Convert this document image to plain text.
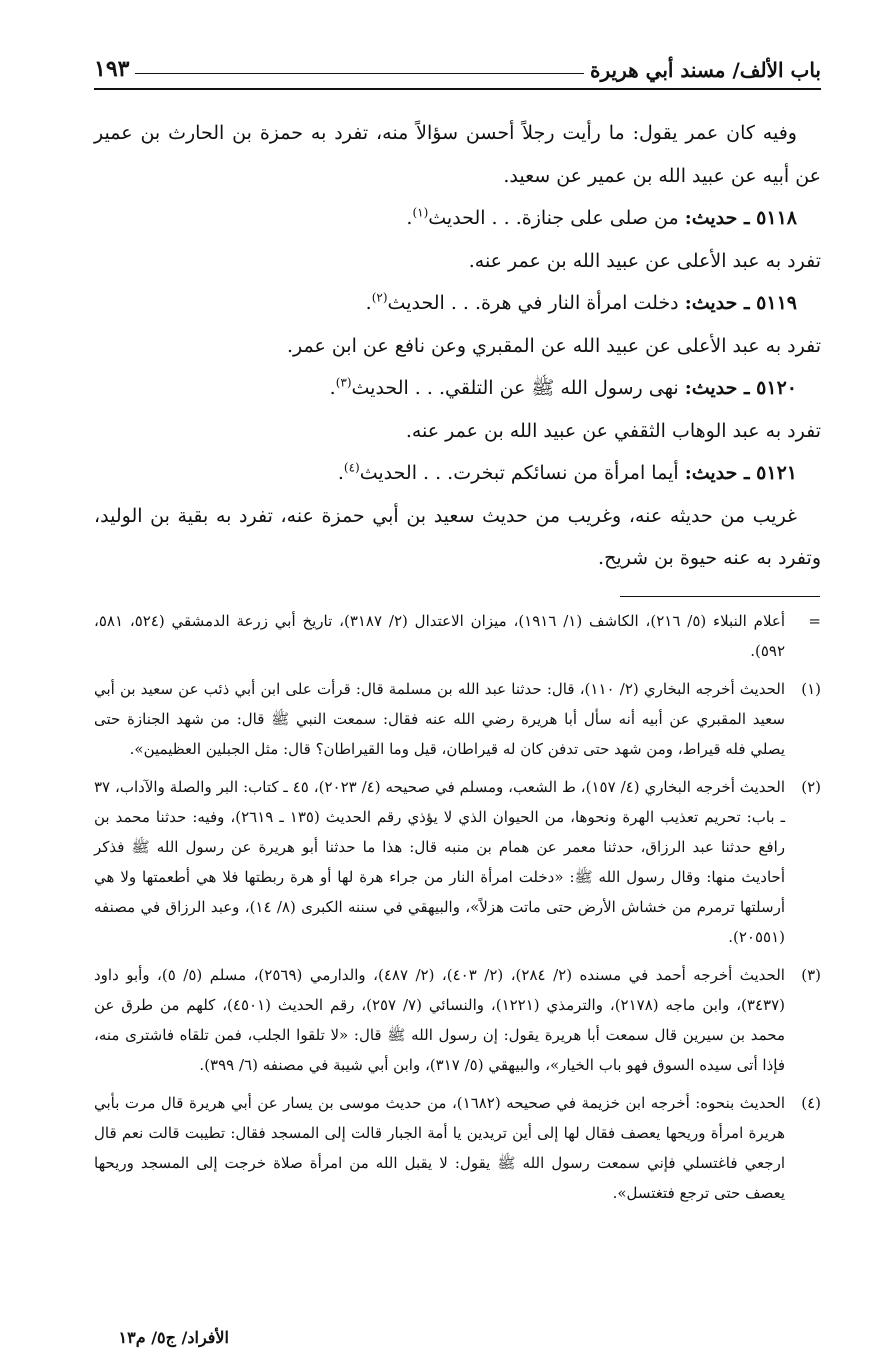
باب الألف/ مسند أبي هريرة
١٩٣

وفيه كان عمر يقول: ما رأيت رجلاً أحسن سؤالاً منه، تفرد به حمزة بن الحارث بن عمير عن أبيه عن عبيد الله بن عمير عن سعيد.

٥١١٨ ـ حديث: من صلى على جنازة. . . الحديث$^{(١)}$.

تفرد به عبد الأعلى عن عبيد الله بن عمر عنه.

٥١١٩ ـ حديث: دخلت امرأة النار في هرة. . . الحديث$^{(٢)}$.

تفرد به عبد الأعلى عن عبيد الله عن المقبري وعن نافع عن ابن عمر.

٥١٢٠ ـ حديث: نهى رسول الله ﷺ عن التلقي. . . الحديث$^{(٣)}$.

تفرد به عبد الوهاب الثقفي عن عبيد الله بن عمر عنه.

٥١٢١ ـ حديث: أيما امرأة من نسائكم تبخرت. . . الحديث$^{(٤)}$.

غريب من حديثه عنه، وغريب من حديث سعيد بن أبي حمزة عنه، تفرد به بقية بن الوليد، وتفرد به عنه حيوة بن شريح.

=
أعلام النبلاء (٥/ ٢١٦)، الكاشف (١/ ١٩١٦)، ميزان الاعتدال (٢/ ٣١٨٧)، تاريخ أبي زرعة الدمشقي (٥٢٤، ٥٨١، ٥٩٢).
(١)
الحديث أخرجه البخاري (٢/ ١١٠)، قال: حدثنا عبد الله بن مسلمة قال: قرأت على ابن أبي ذئب عن سعيد بن أبي سعيد المقبري عن أبيه أنه سأل أبا هريرة رضي الله عنه فقال: سمعت النبي ﷺ قال: من شهد الجنازة حتى يصلي فله قيراط، ومن شهد حتى تدفن كان له قيراطان، قيل وما القيراطان؟ قال: مثل الجبلين العظيمين».
(٢)
الحديث أخرجه البخاري (٤/ ١٥٧)، ط الشعب، ومسلم في صحيحه (٤/ ٢٠٢٣)، ٤٥ ـ كتاب: البر والصلة والآداب، ٣٧ ـ باب: تحريم تعذيب الهرة ونحوها، من الحيوان الذي لا يؤذي رقم الحديث (١٣٥ ـ ٢٦١٩)، وفيه: حدثنا محمد بن رافع حدثنا عبد الرزاق، حدثنا معمر عن همام بن منبه قال: هذا ما حدثنا أبو هريرة عن رسول الله ﷺ فذكر أحاديث منها: وقال رسول الله ﷺ: «دخلت امرأة النار من جراء هرة لها أو هرة ربطتها فلا هي أطعمتها ولا هي أرسلتها ترمرم من خشاش الأرض حتى ماتت هزلاً»، والبيهقي في سننه الكبرى (٨/ ١٤)، وعبد الرزاق في مصنفه (٢٠٥٥١).
(٣)
الحديث أخرجه أحمد في مسنده (٢/ ٢٨٤)، (٢/ ٤٠٣)، (٢/ ٤٨٧)، والدارمي (٢٥٦٩)، مسلم (٥/ ٥)، وأبو داود (٣٤٣٧)، وابن ماجه (٢١٧٨)، والترمذي (١٢٢١)، والنسائي (٧/ ٢٥٧)، رقم الحديث (٤٥٠١)، كلهم من طرق عن محمد بن سيرين قال سمعت أبا هريرة يقول: إن رسول الله ﷺ قال: «لا تلقوا الجلب، فمن تلقاه فاشترى منه، فإذا أتى سيده السوق فهو باب الخيار»، والبيهقي (٥/ ٣١٧)، وابن أبي شيبة في مصنفه (٦/ ٣٩٩).
(٤)
الحديث بنحوه: أخرجه ابن خزيمة في صحيحه (١٦٨٢)، من حديث موسى بن يسار عن أبي هريرة قال مرت بأبي هريرة امرأة وريحها يعصف فقال لها إلى أين تريدين يا أمة الجبار قالت إلى المسجد فقال: تطيبت قالت نعم قال ارجعي فاغتسلي فإني سمعت رسول الله ﷺ يقول: لا يقبل الله من امرأة صلاة خرجت إلى المسجد وريحها يعصف حتى ترجع فتغتسل».
الأفراد/ ج٥/ م١٣
